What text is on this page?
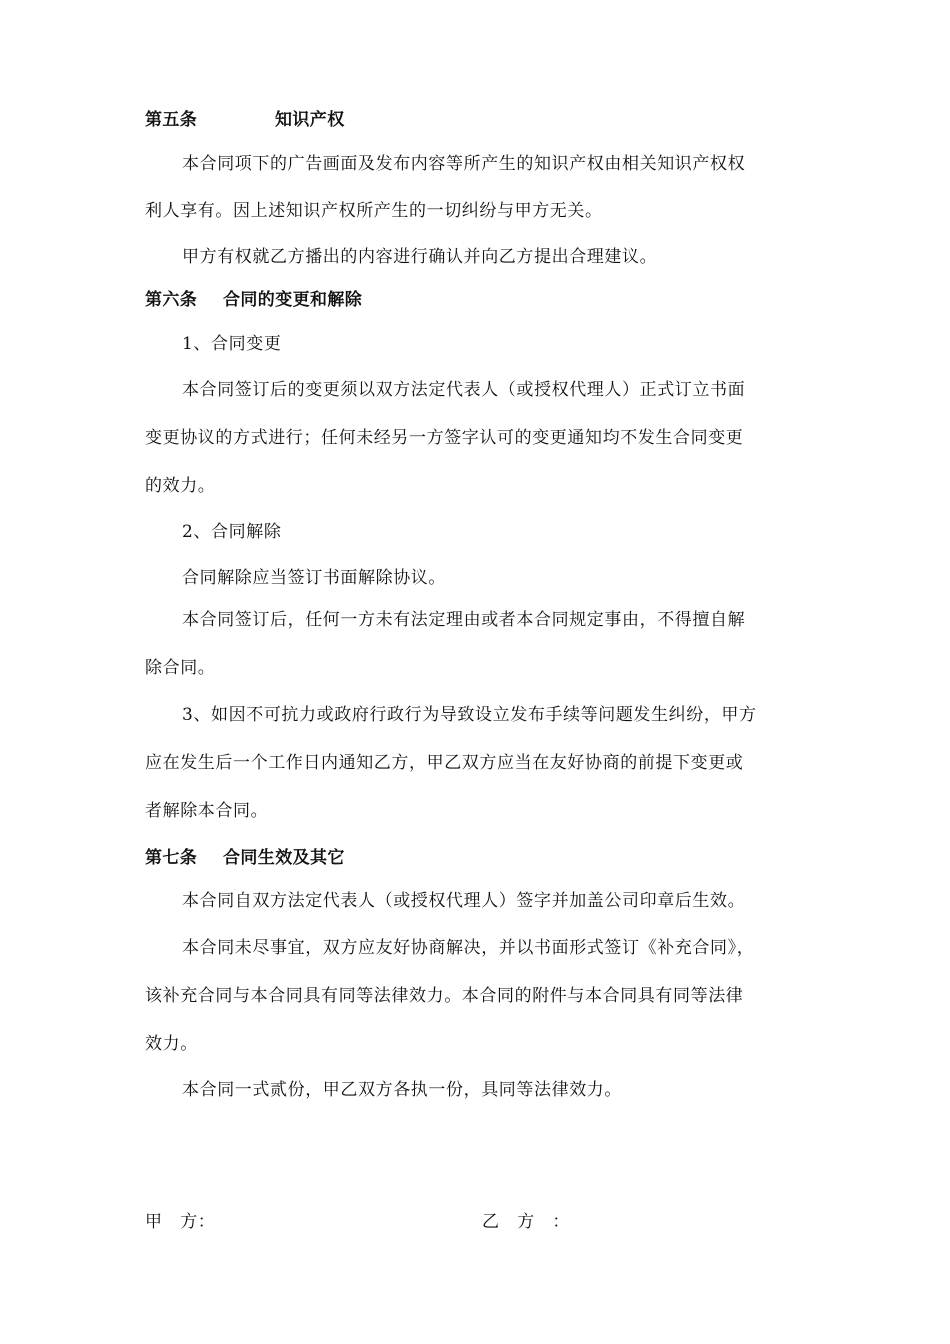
第五条	知识产权
本合同项下的广告画面及发布内容等所产生的知识产权由相关知识产权权
利人享有。因上述知识产权所产生的一切纠纷与甲方无关。
甲方有权就乙方播出的内容进行确认并向乙方提出合理建议。
第六条 合同的变更和解除
1、合同变更
本合同签订后的变更须以双方法定代表人（或授权代理人）正式订立书面
变更协议的方式进行；任何未经另一方签字认可的变更通知均不发生合同变更
的效力。
2、合同解除
合同解除应当签订书面解除协议。
本合同签订后，任何一方未有法定理由或者本合同规定事由，不得擅自解
除合同。
3、如因不可抗力或政府行政行为导致设立发布手续等问题发生纠纷，甲方
应在发生后一个工作日内通知乙方，甲乙双方应当在友好协商的前提下变更或
者解除本合同。
第七条 合同生效及其它
本合同自双方法定代表人（或授权代理人）签字并加盖公司印章后生效。
本合同未尽事宜，双方应友好协商解决，并以书面形式签订《补充合同》，
该补充合同与本合同具有同等法律效力。本合同的附件与本合同具有同等法律
效力。
本合同一式贰份，甲乙双方各执一份，具同等法律效力。
甲　方：	乙　方　：
